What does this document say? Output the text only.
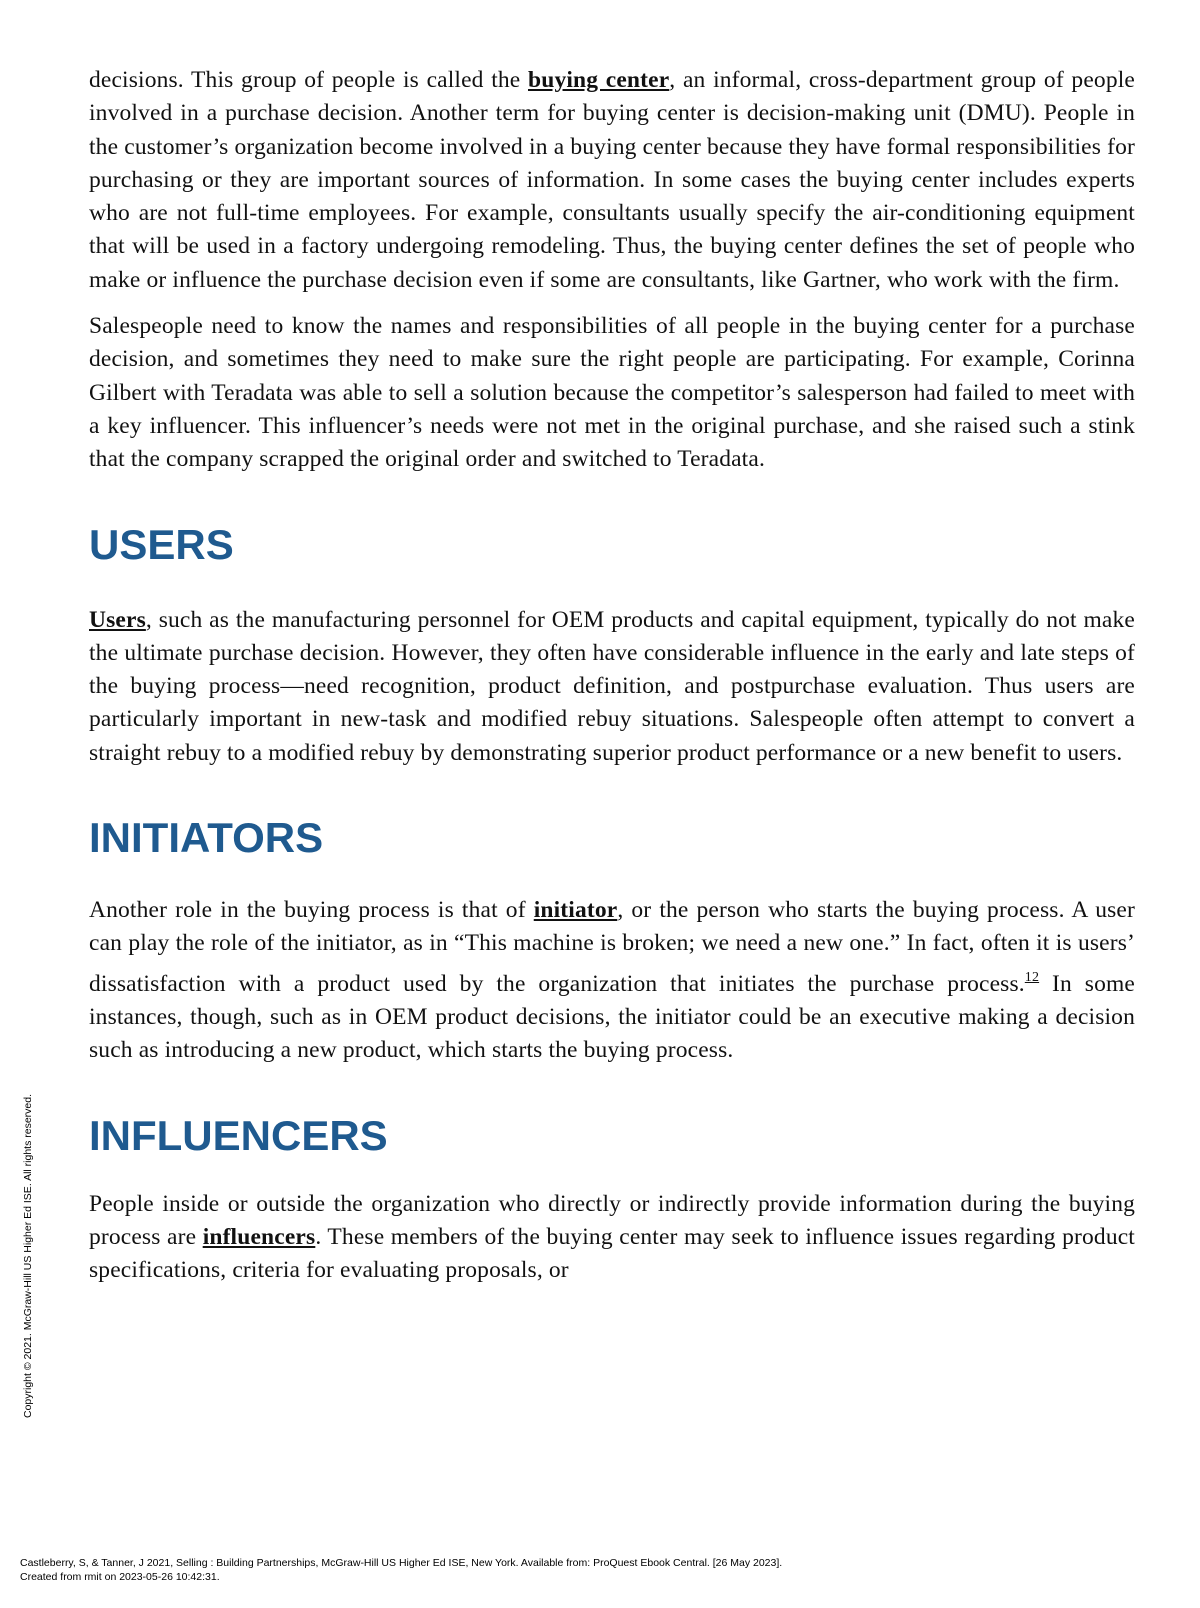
decisions. This group of people is called the buying center, an informal, cross-department group of people involved in a purchase decision. Another term for buying center is decision-making unit (DMU). People in the customer’s organization become involved in a buying center because they have formal responsibilities for purchasing or they are important sources of information. In some cases the buying center includes experts who are not full-time employees. For example, consultants usually specify the air-conditioning equipment that will be used in a factory undergoing remodeling. Thus, the buying center defines the set of people who make or influence the purchase decision even if some are consultants, like Gartner, who work with the firm.

Salespeople need to know the names and responsibilities of all people in the buying center for a purchase decision, and sometimes they need to make sure the right people are participating. For example, Corinna Gilbert with Teradata was able to sell a solution because the competitor’s salesperson had failed to meet with a key influencer. This influencer’s needs were not met in the original purchase, and she raised such a stink that the company scrapped the original order and switched to Teradata.

USERS

Users, such as the manufacturing personnel for OEM products and capital equipment, typically do not make the ultimate purchase decision. However, they often have considerable influence in the early and late steps of the buying process—need recognition, product definition, and postpurchase evaluation. Thus users are particularly important in new-task and modified rebuy situations. Salespeople often attempt to convert a straight rebuy to a modified rebuy by demonstrating superior product performance or a new benefit to users.

INITIATORS

Another role in the buying process is that of initiator, or the person who starts the buying process. A user can play the role of the initiator, as in “This machine is broken; we need a new one.” In fact, often it is users’ dissatisfaction with a product used by the organization that initiates the purchase process.$^{12}$ In some instances, though, such as in OEM product decisions, the initiator could be an executive making a decision such as introducing a new product, which starts the buying process.

INFLUENCERS

People inside or outside the organization who directly or indirectly provide information during the buying process are influencers. These members of the buying center may seek to influence issues regarding product specifications, criteria for evaluating proposals, or

Copyright © 2021. McGraw-Hill US Higher Ed ISE. All rights reserved.
Castleberry, S, & Tanner, J 2021, Selling : Building Partnerships, McGraw-Hill US Higher Ed ISE, New York. Available from: ProQuest Ebook Central. [26 May 2023].
Created from rmit on 2023-05-26 10:42:31.
